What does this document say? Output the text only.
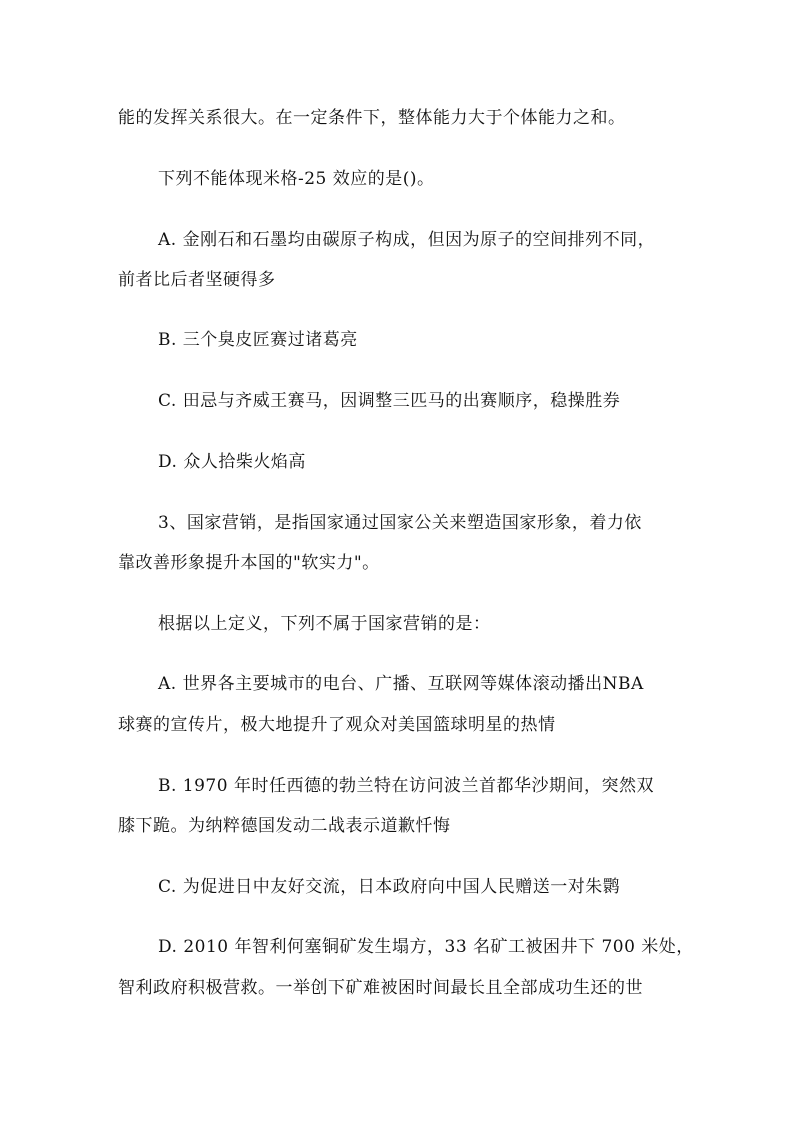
能的发挥关系很大。在一定条件下，整体能力大于个体能力之和。
下列不能体现米格-25 效应的是()。
A. 金刚石和石墨均由碳原子构成，但因为原子的空间排列不同，
前者比后者坚硬得多
B. 三个臭皮匠赛过诸葛亮
C. 田忌与齐威王赛马，因调整三匹马的出赛顺序，稳操胜券
D. 众人拾柴火焰高
3、国家营销，是指国家通过国家公关来塑造国家形象，着力依
靠改善形象提升本国的"软实力"。
根据以上定义，下列不属于国家营销的是：
A. 世界各主要城市的电台、广播、互联网等媒体滚动播出NBA
球赛的宣传片，极大地提升了观众对美国篮球明星的热情
B. 1970 年时任西德的勃兰特在访问波兰首都华沙期间，突然双
膝下跪。为纳粹德国发动二战表示道歉忏悔
C. 为促进日中友好交流，日本政府向中国人民赠送一对朱鹮
D. 2010 年智利何塞铜矿发生塌方，33 名矿工被困井下 700 米处，
智利政府积极营救。一举创下矿难被困时间最长且全部成功生还的世
